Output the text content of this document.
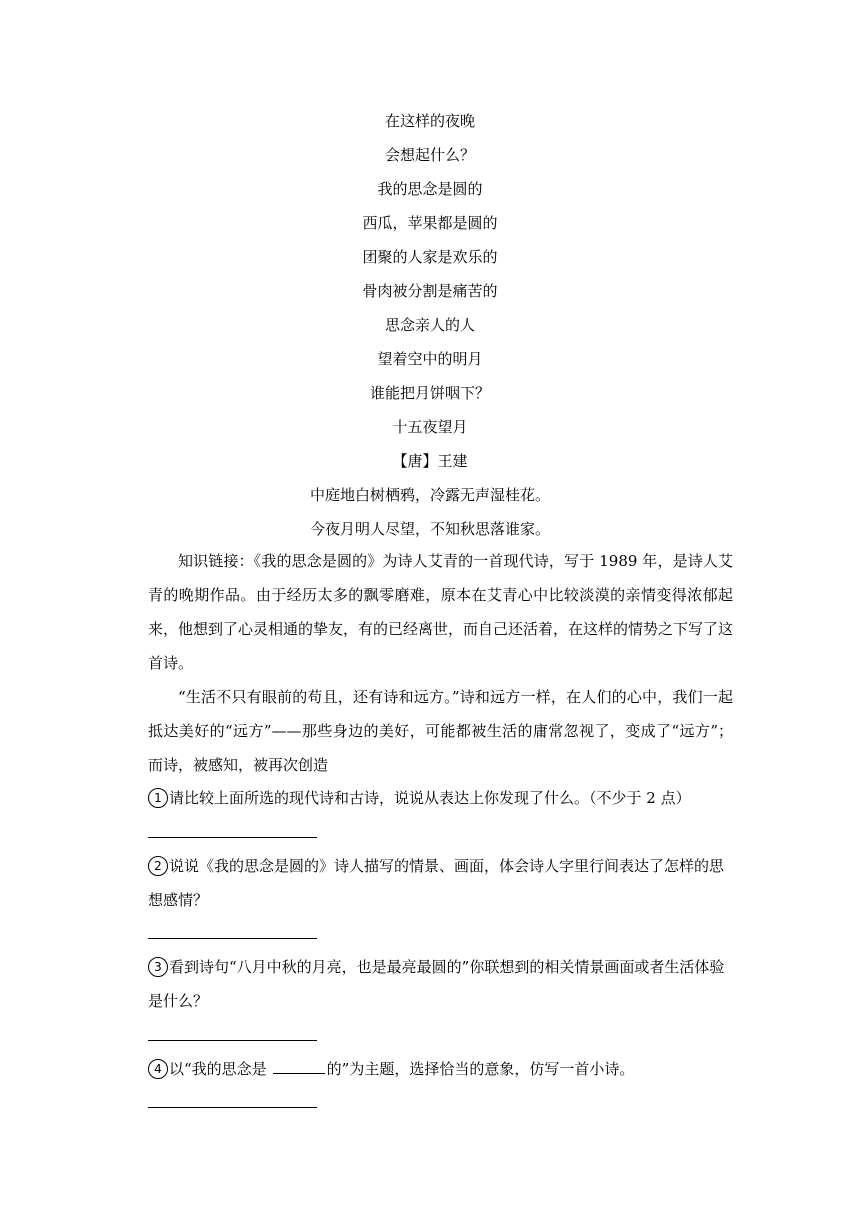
在这样的夜晚
会想起什么？
我的思念是圆的
西瓜，苹果都是圆的
团聚的人家是欢乐的
骨肉被分割是痛苦的
思念亲人的人
望着空中的明月
谁能把月饼咽下？
十五夜望月
【唐】王建
中庭地白树栖鸦，冷露无声湿桂花。
今夜月明人尽望，不知秋思落谁家。

知识链接：《我的思念是圆的》为诗人艾青的一首现代诗，写于 1989 年，是诗人艾青的晚期作品。由于经历太多的飘零磨难，原本在艾青心中比较淡漠的亲情变得浓郁起来，他想到了心灵相通的挚友，有的已经离世，而自己还活着，在这样的情势之下写了这首诗。

“生活不只有眼前的苟且，还有诗和远方。”诗和远方一样，在人们的心中，我们一起抵达美好的“远方”——那些身边的美好，可能都被生活的庸常忽视了，变成了“远方”；而诗，被感知，被再次创造

1 请比较上面所选的现代诗和古诗，说说从表达上你发现了什么。（不少于 2 点）
2 说说《我的思念是圆的》诗人描写的情景、画面，体会诗人字里行间表达了怎样的思想感情？
3 看到诗句“八月中秋的月亮，也是最亮最圆的”你联想到的相关情景画面或者生活体验是什么？
4 以“我的思念是	的”为主题，选择恰当的意象，仿写一首小诗。
